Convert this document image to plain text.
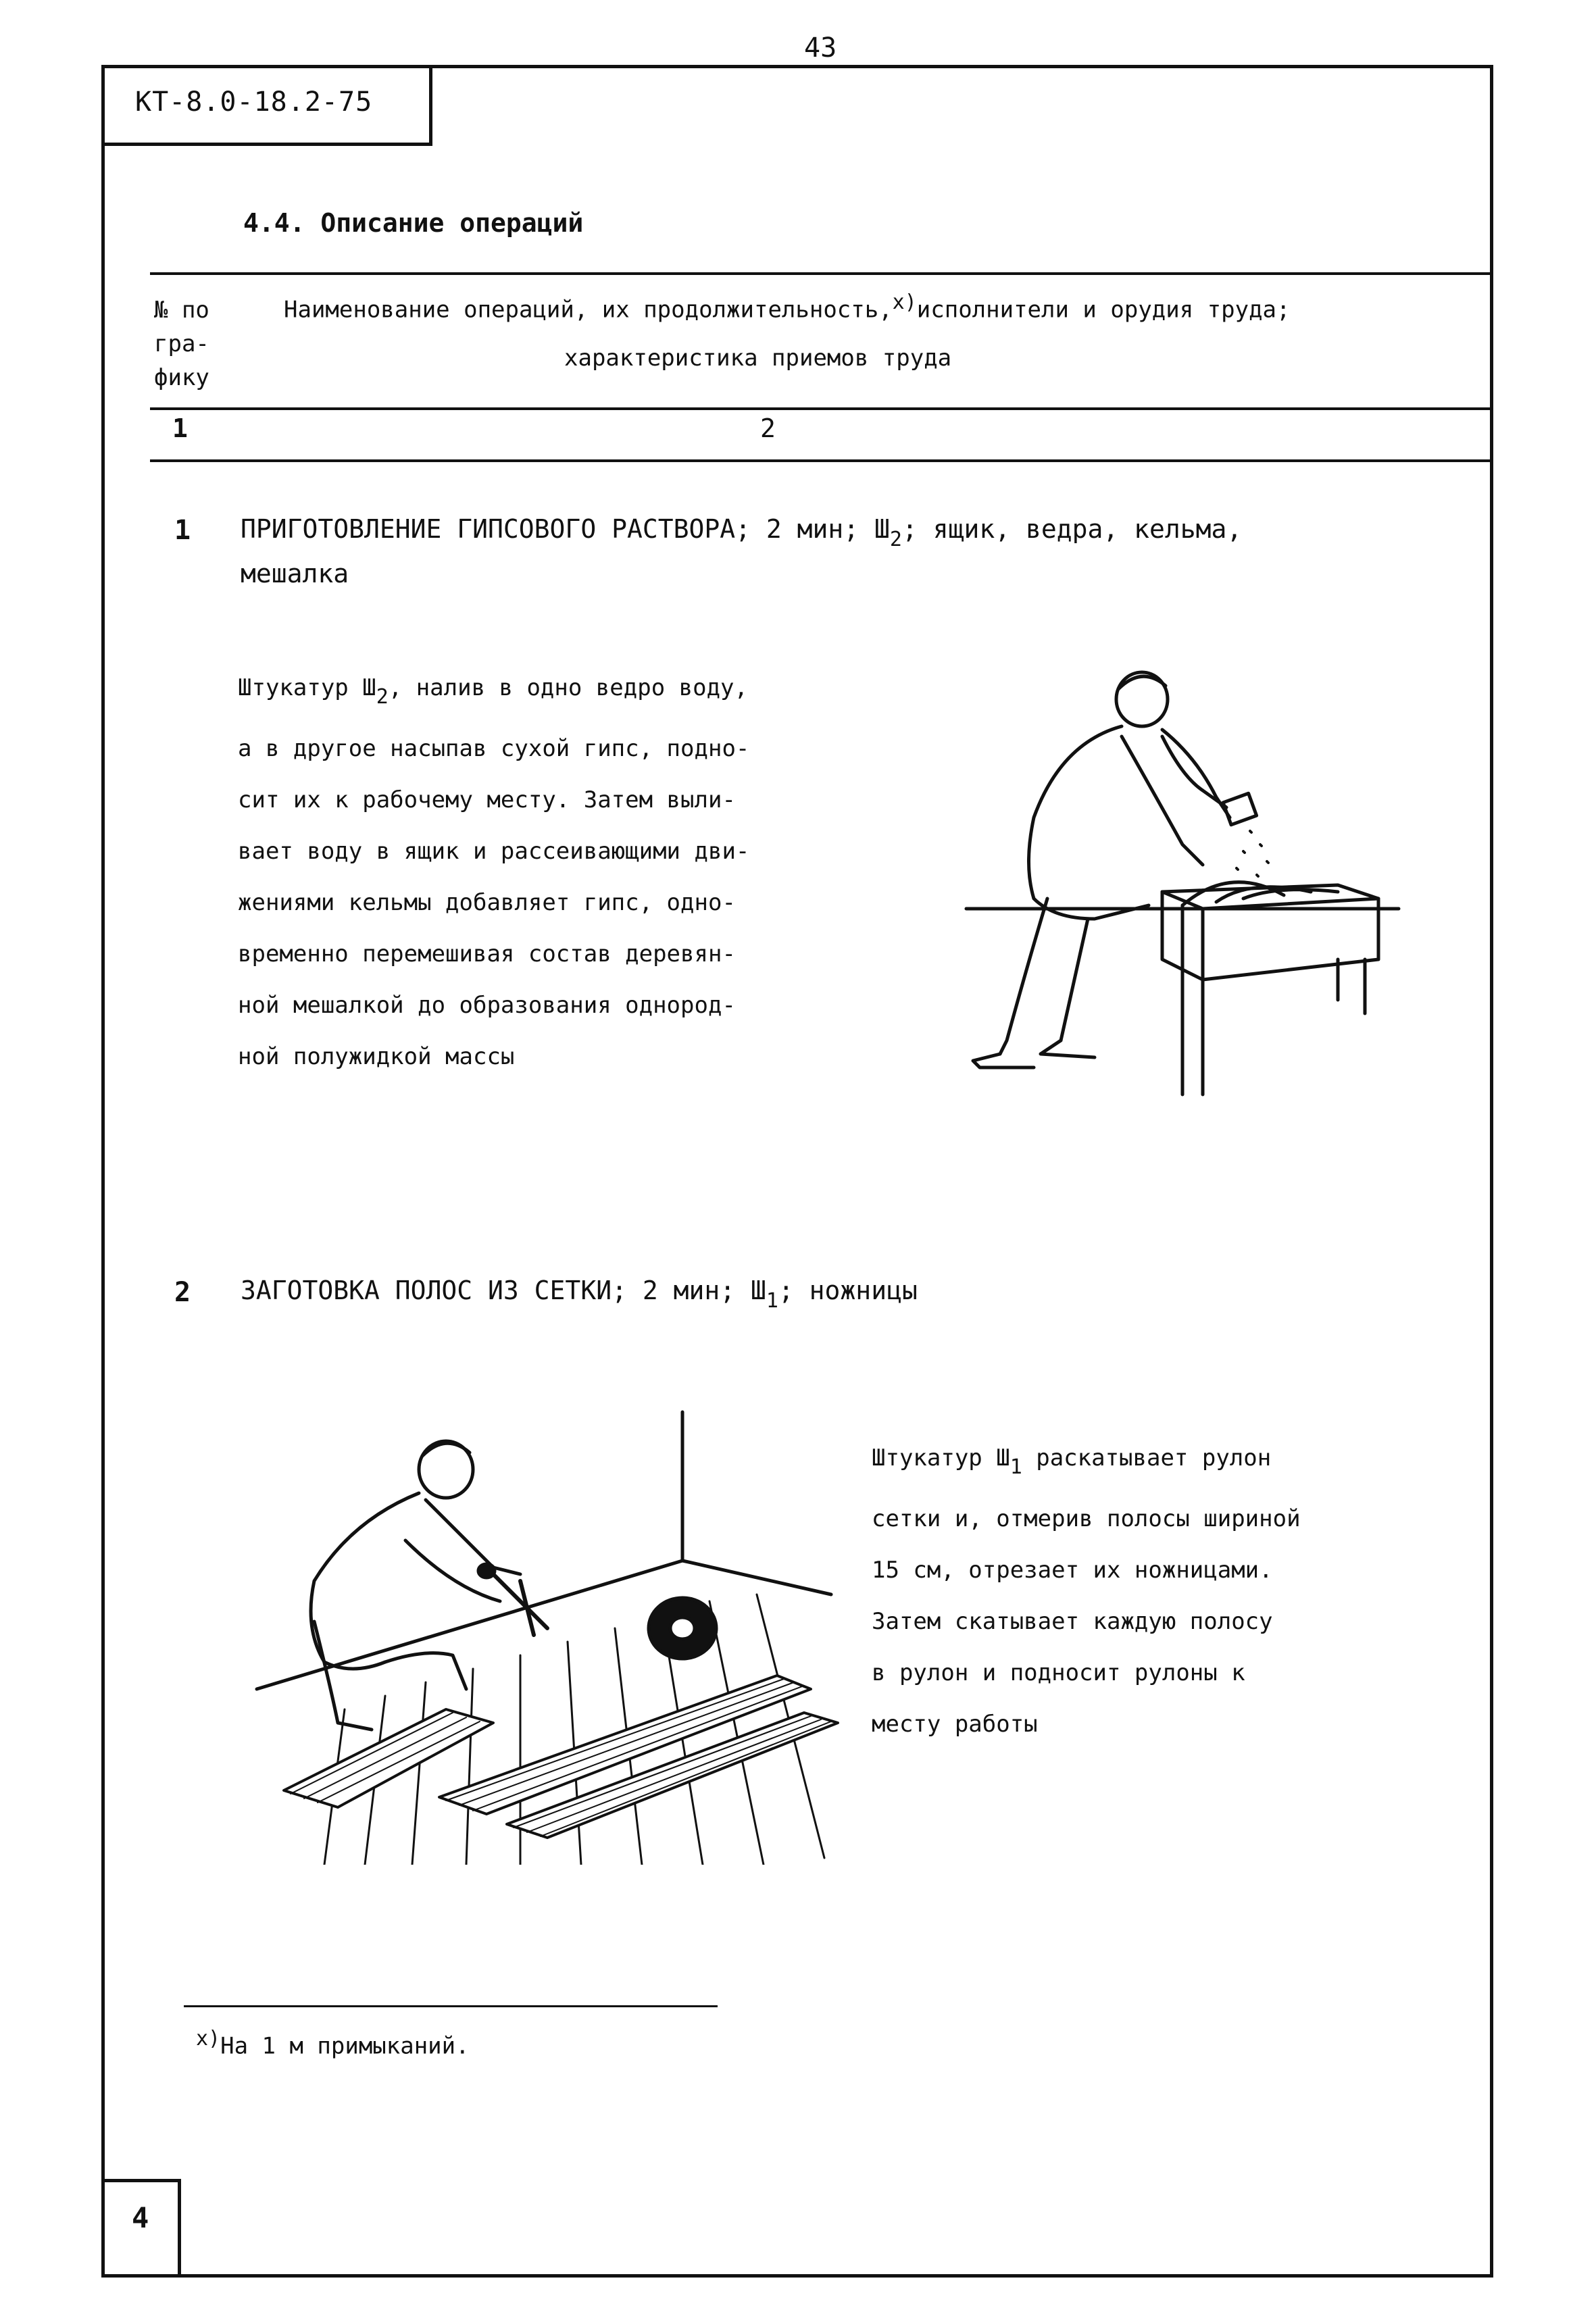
43
КТ-8.0-18.2-75
4.4. Описание операций
№ по
гра-
фику
Наименование операций, их продолжительность,$^{х)}$исполнители и орудия труда;
характеристика приемов труда
1	2
1 ПРИГОТОВЛЕНИЕ ГИПСОВОГО РАСТВОРА; 2 мин; $Ш_2$; ящик, ведра, кельма,
мешалка
Штукатур $Ш_2$, налив в одно ведро воду,
а в другое насыпав сухой гипс, подно-
сит их к рабочему месту. Затем выли-
вает воду в ящик и рассеивающими дви-
жениями кельмы добавляет гипс, одно-
временно перемешивая состав деревян-
ной мешалкой до образования однород-
ной полужидкой массы
2 ЗАГОТОВКА ПОЛОС ИЗ СЕТКИ; 2 мин; $Ш_1$; ножницы
Штукатур $Ш_1$ раскатывает рулон
сетки и, отмерив полосы шириной
15 см, отрезает их ножницами.
Затем скатывает каждую полосу
в рулон и подносит рулоны к
месту работы
$^{х)}$На 1 м примыканий.
4
